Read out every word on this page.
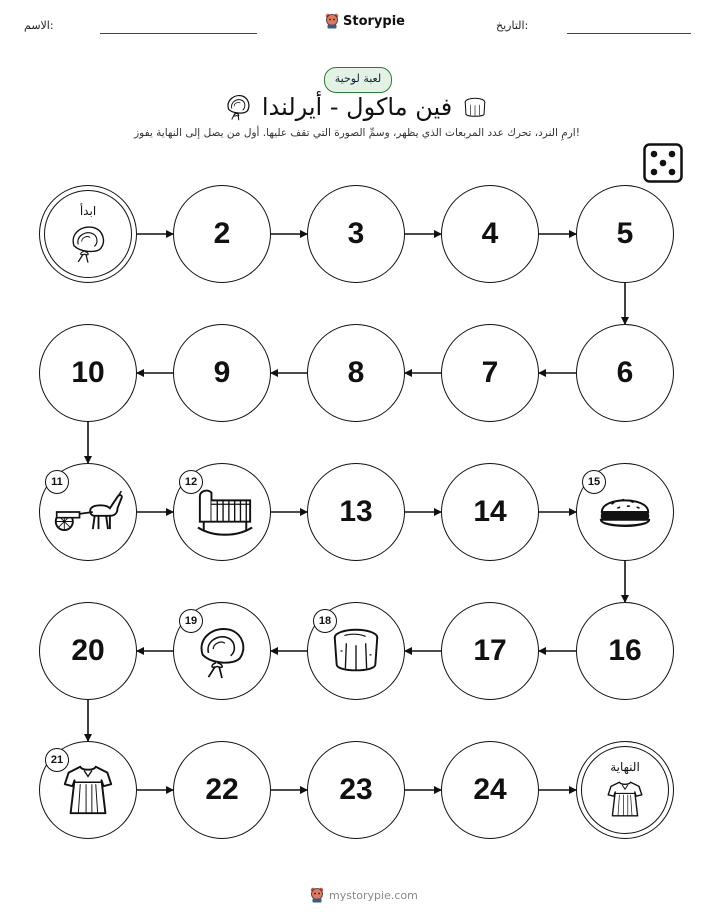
الاسم:	Storypie	التاريخ:
لعبة لوحية
فين ماكول - أيرلندا
ارمِ النرد، تحرك عدد المربعات الذي يظهر، وسمِّ الصورة التي تقف عليها. أول من يصل إلى النهاية يفوز!
ابدأ
2	3	4	5
6
7
8
9
10
11	12
13	14
15
16
17
18
19
20
21
22	23	24
النهاية
mystorypie.com
